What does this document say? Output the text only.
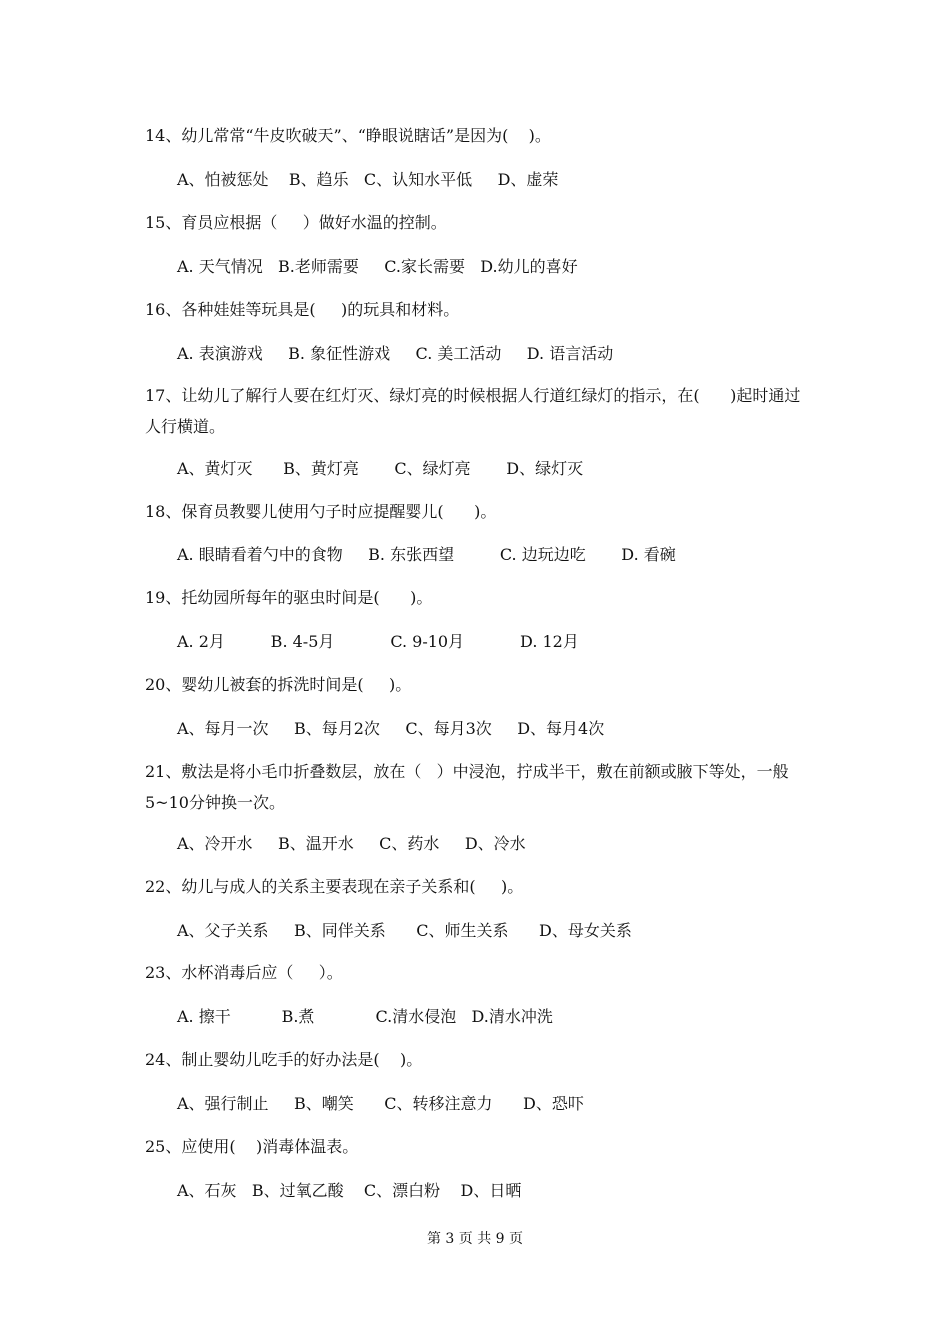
14、幼儿常常“牛皮吹破天”、“睁眼说瞎话”是因为(    )。
A、怕被惩处    B、趋乐   C、认知水平低     D、虚荣
15、育员应根据（     ）做好水温的控制。
A. 天气情况   B.老师需要     C.家长需要   D.幼儿的喜好
16、各种娃娃等玩具是(     )的玩具和材料。
A. 表演游戏     B. 象征性游戏     C. 美工活动     D. 语言活动
17、让幼儿了解行人要在红灯灭、绿灯亮的时候根据人行道红绿灯的指示，在(      )起时通过人行横道。
A、黄灯灭      B、黄灯亮       C、绿灯亮       D、绿灯灭
18、保育员教婴儿使用勺子时应提醒婴儿(      )。
A. 眼睛看着勺中的食物     B. 东张西望         C. 边玩边吃       D. 看碗
19、托幼园所每年的驱虫时间是(      )。
A. 2月         B. 4-5月           C. 9-10月           D. 12月
20、婴幼儿被套的拆洗时间是(     )。
A、每月一次     B、每月2次     C、每月3次     D、每月4次
21、敷法是将小毛巾折叠数层，放在（   ）中浸泡，拧成半干，敷在前额或腋下等处，一般5~10分钟换一次。
A、冷开水     B、温开水     C、药水     D、冷水
22、幼儿与成人的关系主要表现在亲子关系和(     )。
A、父子关系     B、同伴关系      C、师生关系      D、母女关系
23、水杯消毒后应（     ）。
A. 擦干          B.煮            C.清水侵泡   D.清水冲洗
24、制止婴幼儿吃手的好办法是(    )。
A、强行制止     B、嘲笑      C、转移注意力      D、恐吓
25、应使用(    )消毒体温表。
A、石灰   B、过氧乙酸    C、漂白粉    D、日晒
第 3 页 共 9 页
